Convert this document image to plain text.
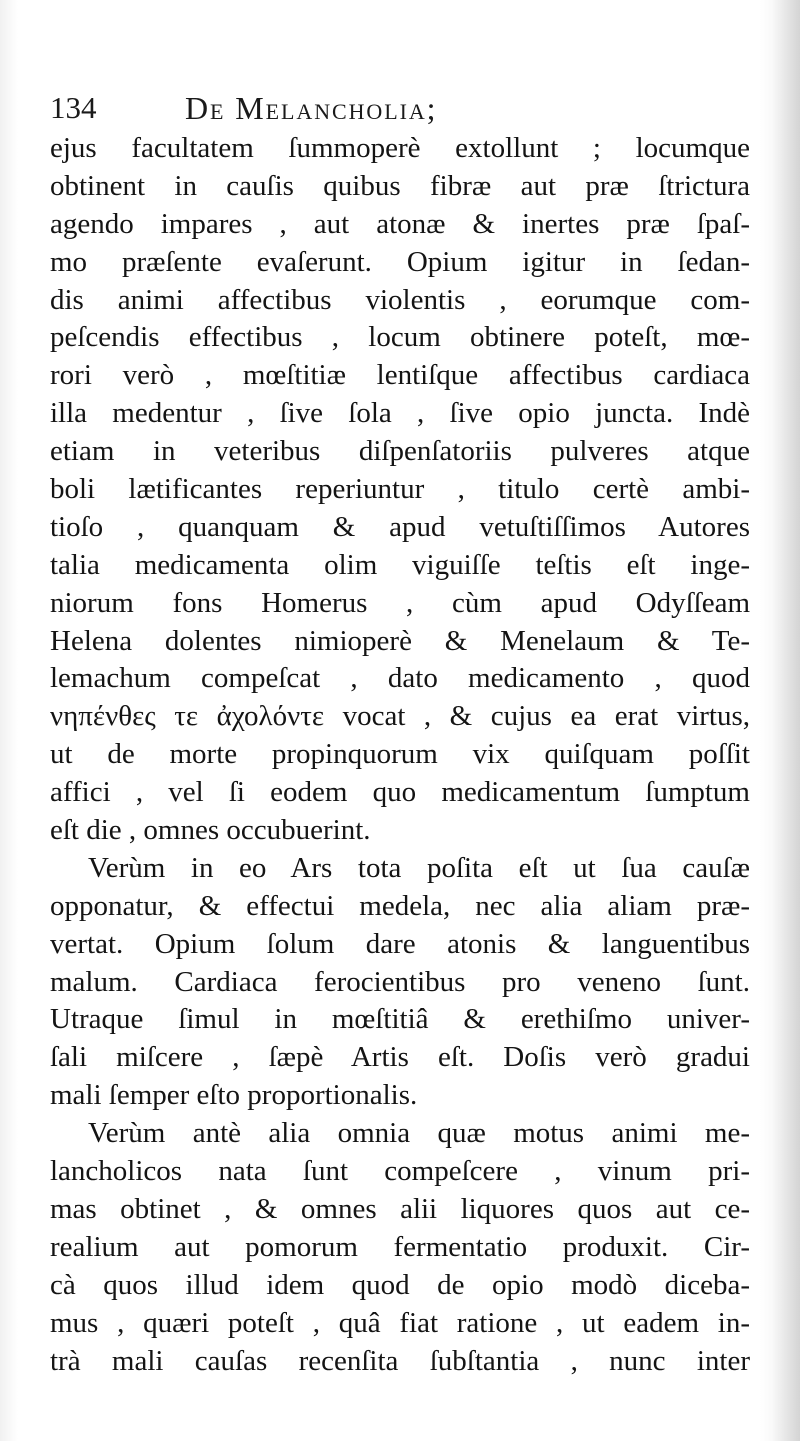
134	De Melancholia;
ejus facultatem ſummoperè extollunt ; locumque
obtinent in cauſis quibus fibræ aut præ ſtrictura
agendo impares , aut atonæ & inertes præ ſpaſ-
mo præſente evaſerunt. Opium igitur in ſedan-
dis animi affectibus violentis , eorumque com-
peſcendis effectibus , locum obtinere poteſt, mœ-
rori verò , mœſtitiæ lentiſque affectibus cardiaca
illa medentur , ſive ſola , ſive opio juncta. Indè
etiam in veteribus diſpenſatoriis pulveres atque
boli lætificantes reperiuntur , titulo certè ambi-
tioſo , quanquam & apud vetuſtiſſimos Autores
talia medicamenta olim viguiſſe teſtis eſt inge-
niorum fons Homerus , cùm apud Odyſſeam
Helena dolentes nimioperè & Menelaum & Te-
lemachum compeſcat , dato medicamento , quod
νηπένθες τε ἀχολόντε vocat , & cujus ea erat virtus,
ut de morte propinquorum vix quiſquam poſſit
affici , vel ſi eodem quo medicamentum ſumptum
eſt die , omnes occubuerint.
Verùm in eo Ars tota poſita eſt ut ſua cauſæ
opponatur, & effectui medela, nec alia aliam præ-
vertat. Opium ſolum dare atonis & languentibus
malum. Cardiaca ferocientibus pro veneno ſunt.
Utraque ſimul in mœſtitiâ & erethiſmo univer-
ſali miſcere , ſæpè Artis eſt. Doſis verò gradui
mali ſemper eſto proportionalis.
Verùm antè alia omnia quæ motus animi me-
lancholicos nata ſunt compeſcere , vinum pri-
mas obtinet , & omnes alii liquores quos aut ce-
realium aut pomorum fermentatio produxit. Cir-
cà quos illud idem quod de opio modò diceba-
mus , quæri poteſt , quâ fiat ratione , ut eadem in-
trà mali cauſas recenſita ſubſtantia , nunc inter
